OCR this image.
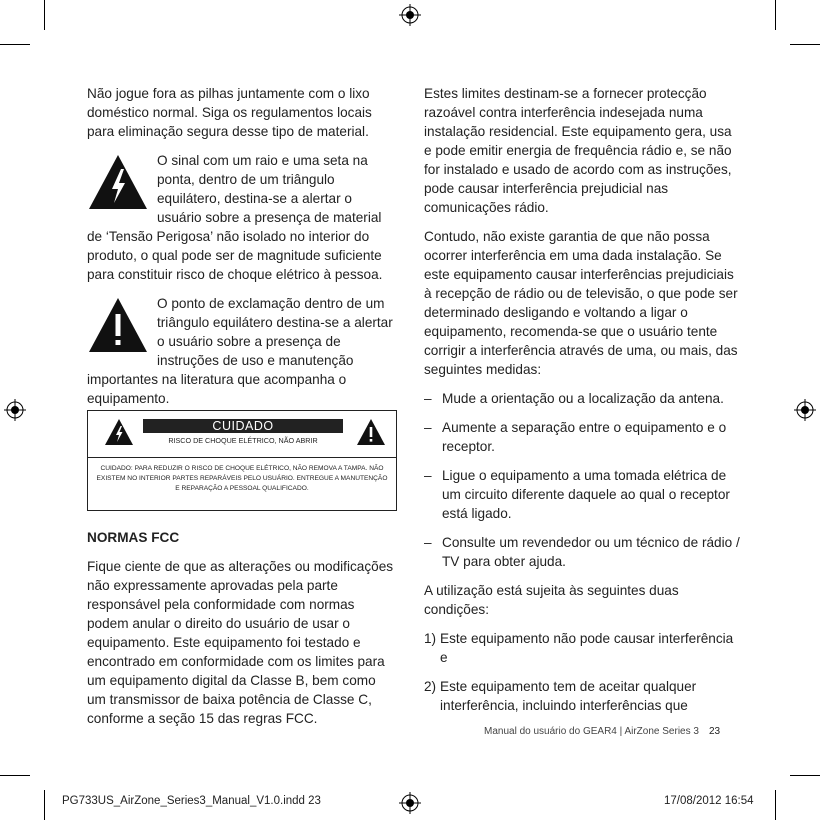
Não jogue fora as pilhas juntamente com o lixo doméstico normal. Siga os regulamentos locais para eliminação segura desse tipo de material.

O sinal com um raio e uma seta na ponta, dentro de um triângulo equilátero, destina-se a alertar o usuário sobre a presença de material de ‘Tensão Perigosa’ não isolado no interior do produto, o qual pode ser de magnitude suficiente para constituir risco de choque elétrico à pessoa.

O ponto de exclamação dentro de um triângulo equilátero destina-se a alertar o usuário sobre a presença de instruções de uso e manutenção importantes na literatura que acompanha o equipamento.

CUIDADO
RISCO DE CHOQUE ELÉTRICO, NÃO ABRIR
CUIDADO: PARA REDUZIR O RISCO DE CHOQUE ELÉTRICO, NÃO REMOVA A TAMPA. NÃO EXISTEM NO INTERIOR PARTES REPARÁVEIS PELO USUÁRIO. ENTREGUE A MANUTENÇÃO E REPARAÇÃO A PESSOAL QUALIFICADO.

NORMAS FCC

Fique ciente de que as alterações ou modificações não expressamente aprovadas pela parte responsável pela conformidade com normas podem anular o direito do usuário de usar o equipamento. Este equipamento foi testado e encontrado em conformidade com os limites para um equipamento digital da Classe B, bem como um transmissor de baixa potência de Classe C, conforme a seção 15 das regras FCC.

Estes limites destinam-se a fornecer protecção razoável contra interferência indesejada numa instalação residencial. Este equipamento gera, usa e pode emitir energia de frequência rádio e, se não for instalado e usado de acordo com as instruções, pode causar interferência prejudicial nas comunicações rádio.

Contudo, não existe garantia de que não possa ocorrer interferência em uma dada instalação. Se este equipamento causar interferências prejudiciais à recepção de rádio ou de televisão, o que pode ser determinado desligando e voltando a ligar o equipamento, recomenda-se que o usuário tente corrigir a interferência através de uma, ou mais, das seguintes medidas:

– Mude a orientação ou a localização da antena.
– Aumente a separação entre o equipamento e o receptor.
– Ligue o equipamento a uma tomada elétrica de um circuito diferente daquele ao qual o receptor está ligado.
– Consulte um revendedor ou um técnico de rádio / TV para obter ajuda.

A utilização está sujeita às seguintes duas condições:

1) Este equipamento não pode causar interferência e
2) Este equipamento tem de aceitar qualquer interferência, incluindo interferências que
Manual do usuário do GEAR4 | AirZone Series 3 23
PG733US_AirZone_Series3_Manual_V1.0.indd 23	17/08/2012 16:54
